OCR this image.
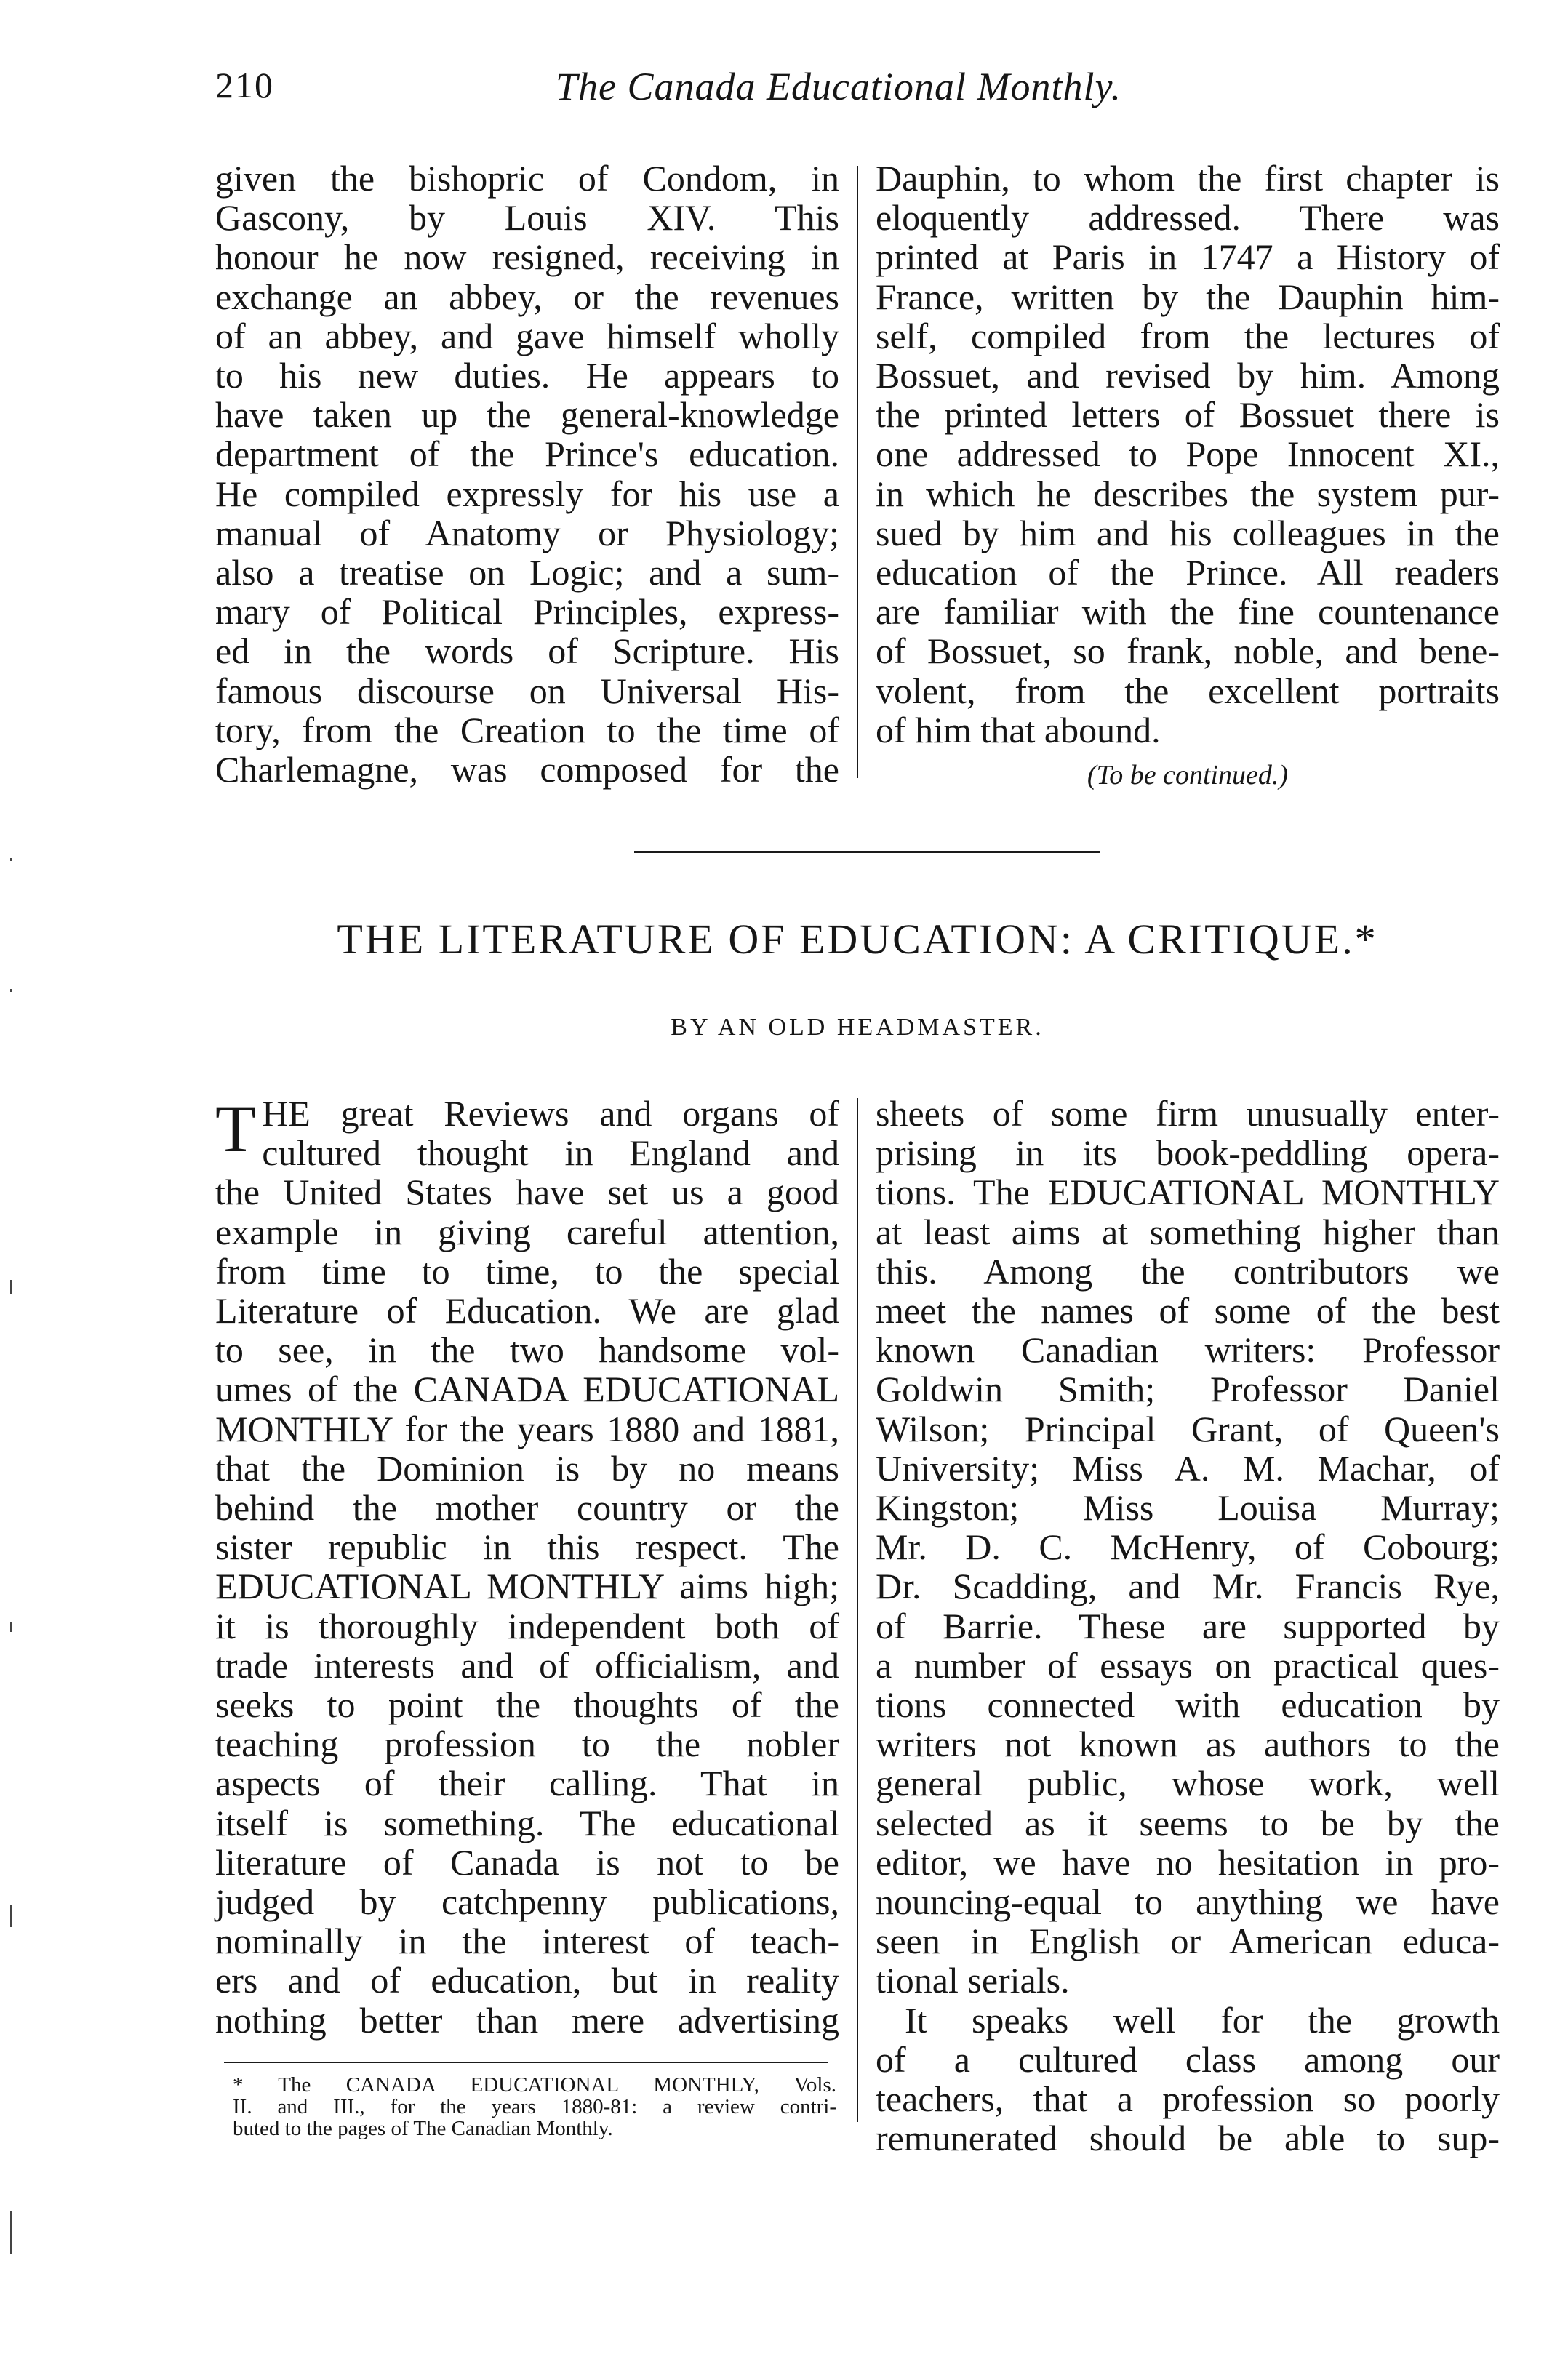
210	The Canada Educational Monthly.
given the bishopric of Condom, in
Gascony, by Louis XIV. This
honour he now resigned, receiving in
exchange an abbey, or the revenues
of an abbey, and gave himself wholly
to his new duties. He appears to
have taken up the general-knowledge
department of the Prince's education.
He compiled expressly for his use a
manual of Anatomy or Physiology;
also a treatise on Logic; and a sum-
mary of Political Principles, express-
ed in the words of Scripture. His
famous discourse on Universal His-
tory, from the Creation to the time of
Charlemagne, was composed for the
Dauphin, to whom the first chapter is
eloquently addressed. There was
printed at Paris in 1747 a History of
France, written by the Dauphin him-
self, compiled from the lectures of
Bossuet, and revised by him. Among
the printed letters of Bossuet there is
one addressed to Pope Innocent XI.,
in which he describes the system pur-
sued by him and his colleagues in the
education of the Prince. All readers
are familiar with the fine countenance
of Bossuet, so frank, noble, and bene-
volent, from the excellent portraits
of him that abound.
(To be continued.)
THE LITERATURE OF EDUCATION: A CRITIQUE.*
BY AN OLD HEADMASTER.
T HE great Reviews and organs of
cultured thought in England and
the United States have set us a good
example in giving careful attention,
from time to time, to the special
Literature of Education. We are glad
to see, in the two handsome vol-
umes of the CANADA EDUCATIONAL
MONTHLY for the years 1880 and 1881,
that the Dominion is by no means
behind the mother country or the
sister republic in this respect. The
EDUCATIONAL MONTHLY aims high;
it is thoroughly independent both of
trade interests and of officialism, and
seeks to point the thoughts of the
teaching profession to the nobler
aspects of their calling. That in
itself is something. The educational
literature of Canada is not to be
judged by catchpenny publications,
nominally in the interest of teach-
ers and of education, but in reality
nothing better than mere advertising
sheets of some firm unusually enter-
prising in its book-peddling opera-
tions. The EDUCATIONAL MONTHLY
at least aims at something higher than
this. Among the contributors we
meet the names of some of the best
known Canadian writers: Professor
Goldwin Smith; Professor Daniel
Wilson; Principal Grant, of Queen's
University; Miss A. M. Machar, of
Kingston; Miss Louisa Murray;
Mr. D. C. McHenry, of Cobourg;
Dr. Scadding, and Mr. Francis Rye,
of Barrie. These are supported by
a number of essays on practical ques-
tions connected with education by
writers not known as authors to the
general public, whose work, well
selected as it seems to be by the
editor, we have no hesitation in pro-
nouncing-equal to anything we have
seen in English or American educa-
tional serials.
It speaks well for the growth
of a cultured class among our
teachers, that a profession so poorly
remunerated should be able to sup-
* The CANADA EDUCATIONAL MONTHLY, Vols.
II. and III., for the years 1880-81: a review contri-
buted to the pages of The Canadian Monthly.
